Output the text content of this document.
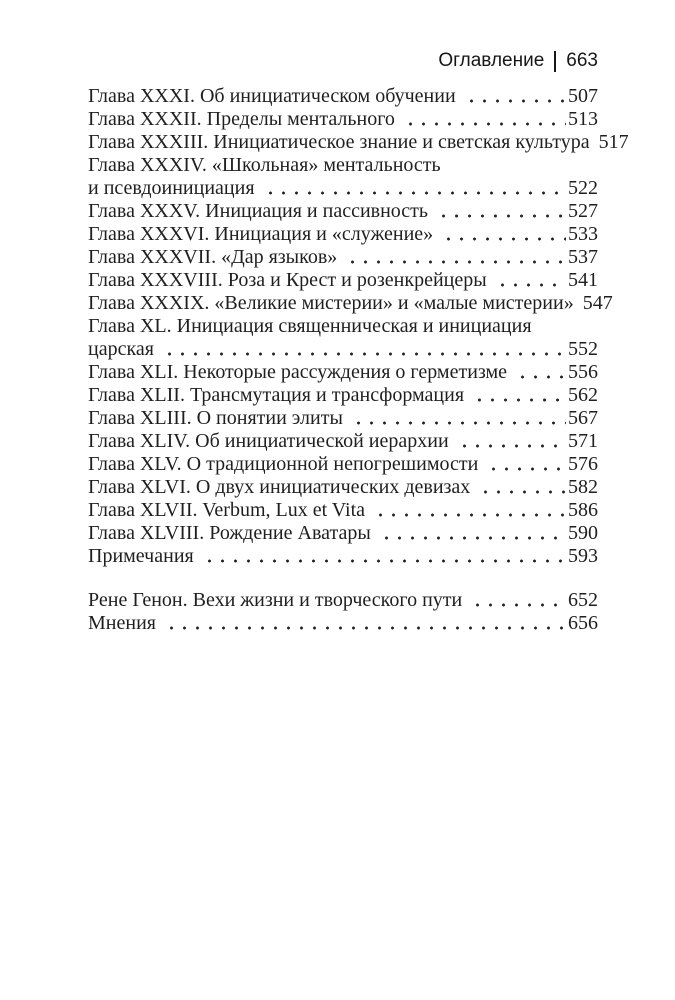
Оглавление 663
Глава XXXI. Об инициатическом обучении	507
Глава XXXII. Пределы ментального	513
Глава XXXIII. Инициатическое знание и светская культура 517
Глава XXXIV. «Школьная» ментальность
и псевдоинициация	522
Глава XXXV. Инициация и пассивность	527
Глава XXXVI. Инициация и «служение»	533
Глава XXXVII. «Дар языков»	537
Глава XXXVIII. Роза и Крест и розенкрейцеры	541
Глава XXXIX. «Великие мистерии» и «малые мистерии» 547
Глава XL. Инициация священническая и инициация
царская	552
Глава XLI. Некоторые рассуждения о герметизме	556
Глава XLII. Трансмутация и трансформация	562
Глава XLIII. О понятии элиты	567
Глава XLIV. Об инициатической иерархии	571
Глава XLV. О традиционной непогрешимости	576
Глава XLVI. О двух инициатических девизах	582
Глава XLVII. Verbum, Lux et Vita	586
Глава XLVIII. Рождение Аватары	590
Примечания	593
Рене Генон. Вехи жизни и творческого пути	652
Мнения	656
